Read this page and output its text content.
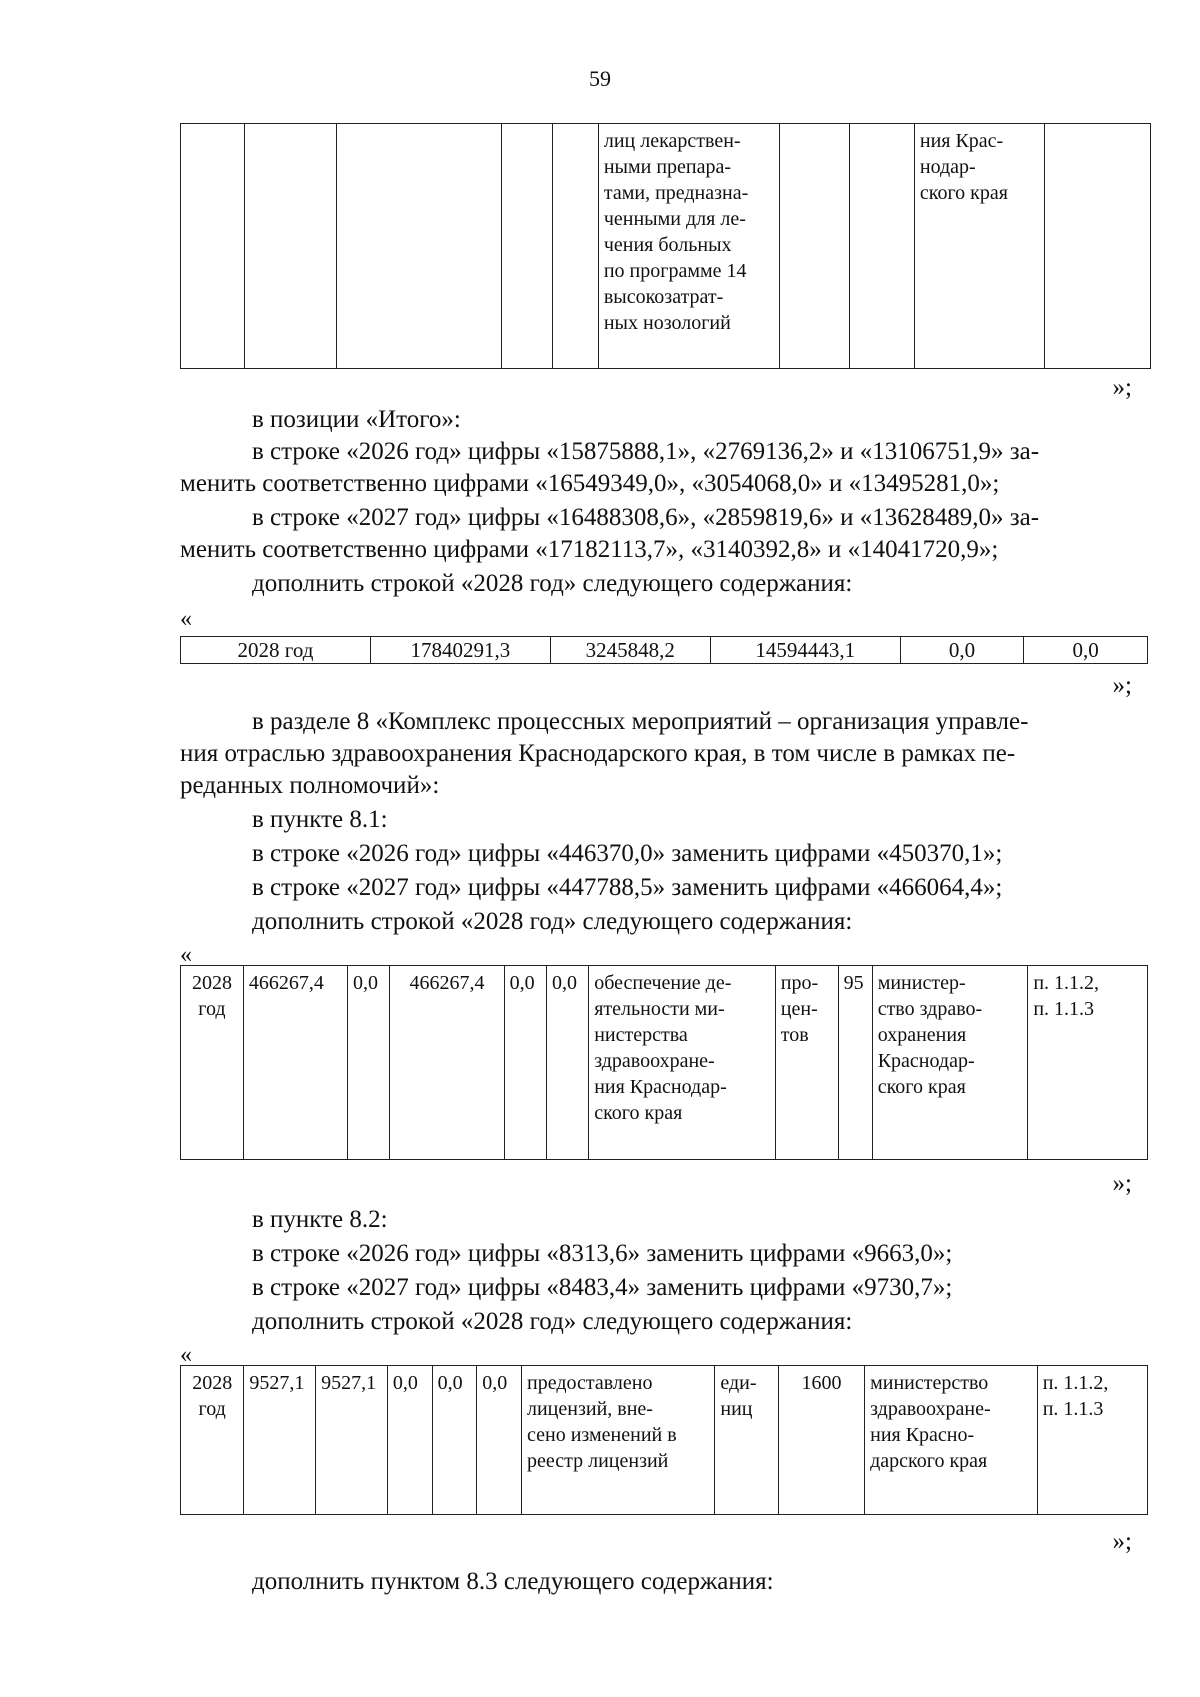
59
					лиц лекарствен-
ными препара-
тами, предназна-
ченными для ле-
чения больных
по программе 14
высокозатрат-
ных нозологий			ния Крас-
нодар-
ского края	
»;
в позиции «Итого»:
в строке «2026 год» цифры «15875888,1», «2769136,2» и «13106751,9» за-
менить соответственно цифрами «16549349,0», «3054068,0» и «13495281,0»;
в строке «2027 год» цифры «16488308,6», «2859819,6» и «13628489,0» за-
менить соответственно цифрами «17182113,7», «3140392,8» и «14041720,9»;
дополнить строкой «2028 год» следующего содержания:
«
2028 год	17840291,3	3245848,2	14594443,1	0,0	0,0
»;
в разделе 8 «Комплекс процессных мероприятий – организация управле-
ния отраслью здравоохранения Краснодарского края, в том числе в рамках пе-
реданных полномочий»:
в пункте 8.1:
в строке «2026 год» цифры «446370,0» заменить цифрами «450370,1»;
в строке «2027 год» цифры «447788,5» заменить цифрами «466064,4»;
дополнить строкой «2028 год» следующего содержания:
«
2028
год	466267,4	0,0	466267,4	0,0	0,0	обеспечение де-
ятельности ми-
нистерства
здравоохране-
ния Краснодар-
ского края	про-
цен-
тов	95	министер-
ство здраво-
охранения
Краснодар-
ского края	п. 1.1.2,
п. 1.1.3
»;
в пункте 8.2:
в строке «2026 год» цифры «8313,6» заменить цифрами «9663,0»;
в строке «2027 год» цифры «8483,4» заменить цифрами «9730,7»;
дополнить строкой «2028 год» следующего содержания:
«
2028
год	9527,1	9527,1	0,0	0,0	0,0	предоставлено
лицензий, вне-
сено изменений в
реестр лицензий	еди-
ниц	1600	министерство
здравоохране-
ния Красно-
дарского края	п. 1.1.2,
п. 1.1.3
»;
дополнить пунктом 8.3 следующего содержания:
